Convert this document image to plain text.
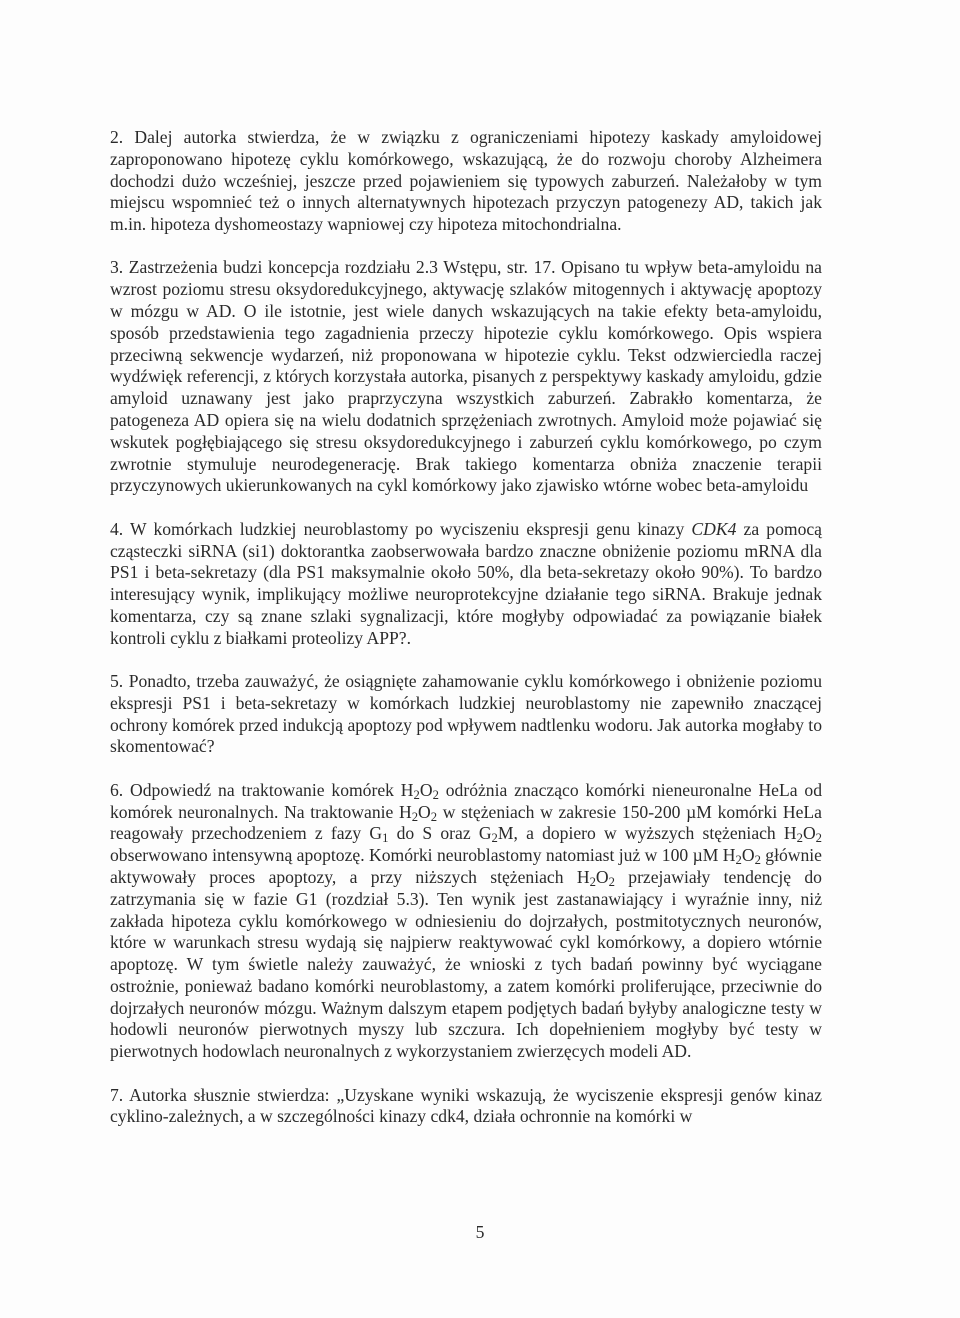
2. Dalej autorka stwierdza, że w związku z ograniczeniami hipotezy kaskady amyloidowej zaproponowano hipotezę cyklu komórkowego, wskazującą, że do rozwoju choroby Alzheimera dochodzi dużo wcześniej, jeszcze przed pojawieniem się typowych zaburzeń. Należałoby w tym miejscu wspomnieć też o innych alternatywnych hipotezach przyczyn patogenezy AD, takich jak m.in. hipoteza dyshomeostazy wapniowej czy hipoteza mitochondrialna.

3. Zastrzeżenia budzi koncepcja rozdziału 2.3 Wstępu, str. 17. Opisano tu wpływ beta-amyloidu na wzrost poziomu stresu oksydoredukcyjnego, aktywację szlaków mitogennych i aktywację apoptozy w mózgu w AD. O ile istotnie, jest wiele danych wskazujących na takie efekty beta-amyloidu, sposób przedstawienia tego zagadnienia przeczy hipotezie cyklu komórkowego. Opis wspiera przeciwną sekwencje wydarzeń, niż proponowana w hipotezie cyklu. Tekst odzwierciedla raczej wydźwięk referencji, z których korzystała autorka, pisanych z perspektywy kaskady amyloidu, gdzie amyloid uznawany jest jako praprzyczyna wszystkich zaburzeń. Zabrakło komentarza, że patogeneza AD opiera się na wielu dodatnich sprzężeniach zwrotnych. Amyloid może pojawiać się wskutek pogłębiającego się stresu oksydoredukcyjnego i zaburzeń cyklu komórkowego, po czym zwrotnie stymuluje neurodegenerację. Brak takiego komentarza obniża znaczenie terapii przyczynowych ukierunkowanych na cykl komórkowy jako zjawisko wtórne wobec beta-amyloidu

4. W komórkach ludzkiej neuroblastomy po wyciszeniu ekspresji genu kinazy CDK4 za pomocą cząsteczki siRNA (si1) doktorantka zaobserwowała bardzo znaczne obniżenie poziomu mRNA dla PS1 i beta-sekretazy (dla PS1 maksymalnie około 50%, dla beta-sekretazy około 90%). To bardzo interesujący wynik, implikujący możliwe neuroprotekcyjne działanie tego siRNA. Brakuje jednak komentarza, czy są znane szlaki sygnalizacji, które mogłyby odpowiadać za powiązanie białek kontroli cyklu z białkami proteolizy APP?.

5. Ponadto, trzeba zauważyć, że osiągnięte zahamowanie cyklu komórkowego i obniżenie poziomu ekspresji PS1 i beta-sekretazy w komórkach ludzkiej neuroblastomy nie zapewniło znaczącej ochrony komórek przed indukcją apoptozy pod wpływem nadtlenku wodoru. Jak autorka mogłaby to skomentować?

6. Odpowiedź na traktowanie komórek $H_2O_2$ odróżnia znacząco komórki nieneuronalne HeLa od komórek neuronalnych. Na traktowanie $H_2O_2$ w stężeniach w zakresie 150-200 µM komórki HeLa reagowały przechodzeniem z fazy $G_1$ do S oraz $G_2M$, a dopiero w wyższych stężeniach $H_2O_2$ obserwowano intensywną apoptozę. Komórki neuroblastomy natomiast już w 100 µM $H_2O_2$ głównie aktywowały proces apoptozy, a przy niższych stężeniach $H_2O_2$ przejawiały tendencję do zatrzymania się w fazie G1 (rozdział 5.3). Ten wynik jest zastanawiający i wyraźnie inny, niż zakłada hipoteza cyklu komórkowego w odniesieniu do dojrzałych, postmitotycznych neuronów, które w warunkach stresu wydają się najpierw reaktywować cykl komórkowy, a dopiero wtórnie apoptozę. W tym świetle należy zauważyć, że wnioski z tych badań powinny być wyciągane ostrożnie, ponieważ badano komórki neuroblastomy, a zatem komórki proliferujące, przeciwnie do dojrzałych neuronów mózgu. Ważnym dalszym etapem podjętych badań byłyby analogiczne testy w hodowli neuronów pierwotnych myszy lub szczura. Ich dopełnieniem mogłyby być testy w pierwotnych hodowlach neuronalnych z wykorzystaniem zwierzęcych modeli AD.

7. Autorka słusznie stwierdza: „Uzyskane wyniki wskazują, że wyciszenie ekspresji genów kinaz cyklino-zależnych, a w szczególności kinazy cdk4, działa ochronnie na komórki w

5
